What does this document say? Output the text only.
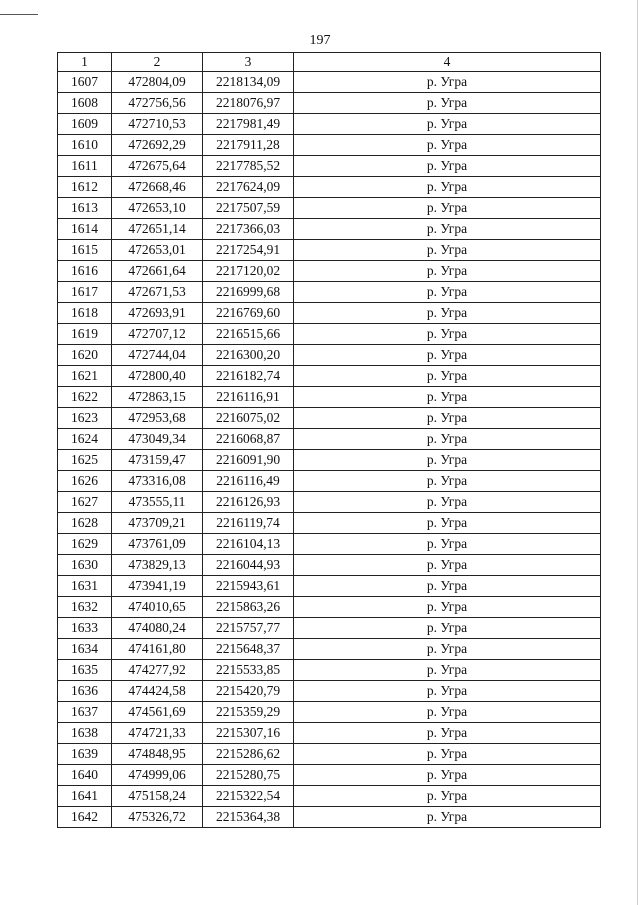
197
1	2	3	4
1607	472804,09	2218134,09	р. Угра
1608	472756,56	2218076,97	р. Угра
1609	472710,53	2217981,49	р. Угра
1610	472692,29	2217911,28	р. Угра
1611	472675,64	2217785,52	р. Угра
1612	472668,46	2217624,09	р. Угра
1613	472653,10	2217507,59	р. Угра
1614	472651,14	2217366,03	р. Угра
1615	472653,01	2217254,91	р. Угра
1616	472661,64	2217120,02	р. Угра
1617	472671,53	2216999,68	р. Угра
1618	472693,91	2216769,60	р. Угра
1619	472707,12	2216515,66	р. Угра
1620	472744,04	2216300,20	р. Угра
1621	472800,40	2216182,74	р. Угра
1622	472863,15	2216116,91	р. Угра
1623	472953,68	2216075,02	р. Угра
1624	473049,34	2216068,87	р. Угра
1625	473159,47	2216091,90	р. Угра
1626	473316,08	2216116,49	р. Угра
1627	473555,11	2216126,93	р. Угра
1628	473709,21	2216119,74	р. Угра
1629	473761,09	2216104,13	р. Угра
1630	473829,13	2216044,93	р. Угра
1631	473941,19	2215943,61	р. Угра
1632	474010,65	2215863,26	р. Угра
1633	474080,24	2215757,77	р. Угра
1634	474161,80	2215648,37	р. Угра
1635	474277,92	2215533,85	р. Угра
1636	474424,58	2215420,79	р. Угра
1637	474561,69	2215359,29	р. Угра
1638	474721,33	2215307,16	р. Угра
1639	474848,95	2215286,62	р. Угра
1640	474999,06	2215280,75	р. Угра
1641	475158,24	2215322,54	р. Угра
1642	475326,72	2215364,38	р. Угра
